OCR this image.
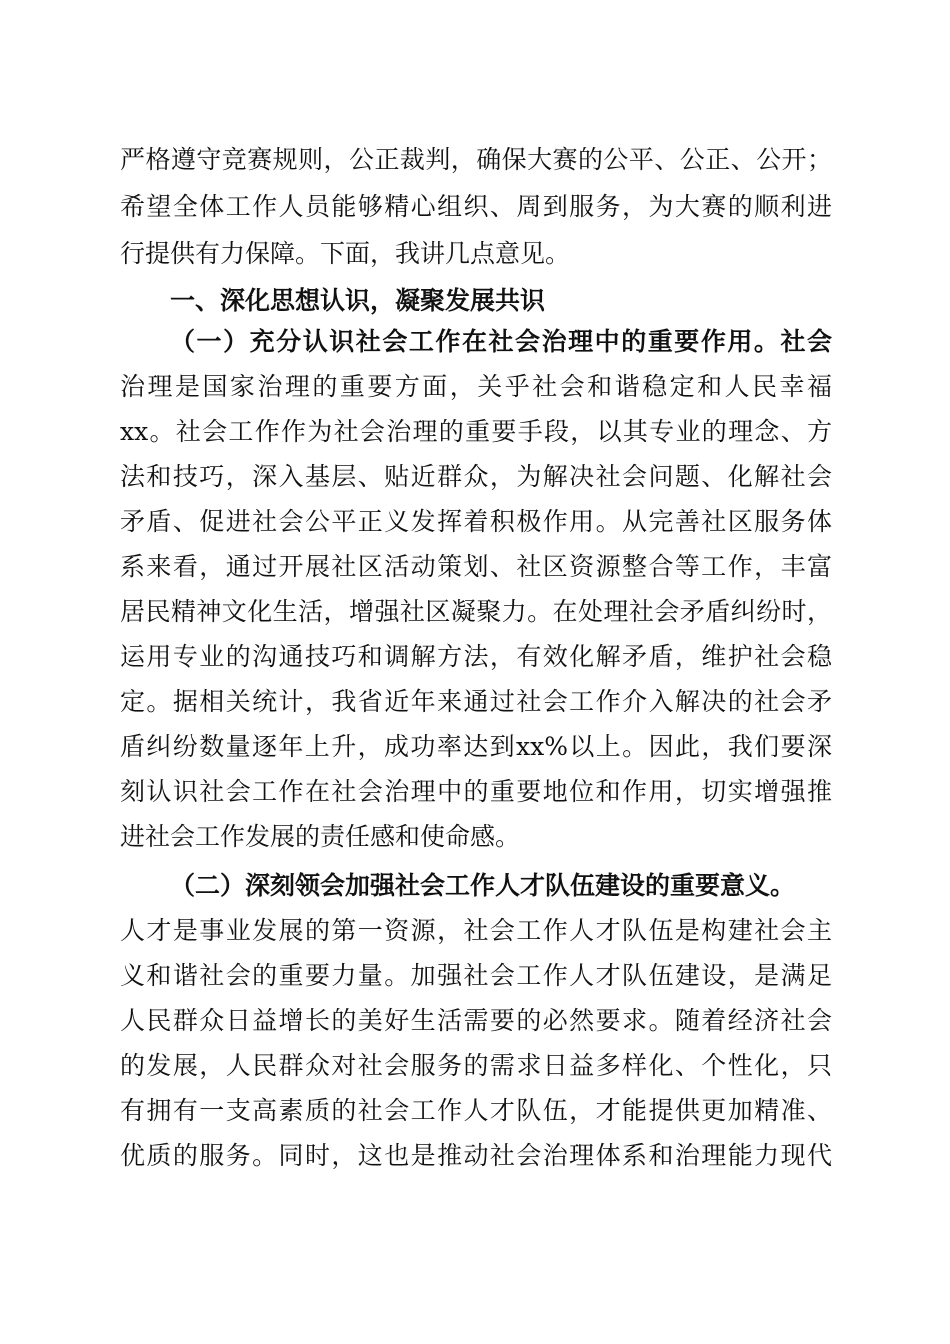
严格遵守竞赛规则，公正裁判，确保大赛的公平、公正、公开；
希望全体工作人员能够精心组织、周到服务，为大赛的顺利进
行提供有力保障。下面，我讲几点意见。
一、深化思想认识，凝聚发展共识
（一）充分认识社会工作在社会治理中的重要作用。社会
治理是国家治理的重要方面，关乎社会和谐稳定和人民幸福
xx。社会工作作为社会治理的重要手段，以其专业的理念、方
法和技巧，深入基层、贴近群众，为解决社会问题、化解社会
矛盾、促进社会公平正义发挥着积极作用。从完善社区服务体
系来看，通过开展社区活动策划、社区资源整合等工作，丰富
居民精神文化生活，增强社区凝聚力。在处理社会矛盾纠纷时，
运用专业的沟通技巧和调解方法，有效化解矛盾，维护社会稳
定。据相关统计，我省近年来通过社会工作介入解决的社会矛
盾纠纷数量逐年上升，成功率达到xx%以上。因此，我们要深
刻认识社会工作在社会治理中的重要地位和作用，切实增强推
进社会工作发展的责任感和使命感。
（二）深刻领会加强社会工作人才队伍建设的重要意义。
人才是事业发展的第一资源，社会工作人才队伍是构建社会主
义和谐社会的重要力量。加强社会工作人才队伍建设，是满足
人民群众日益增长的美好生活需要的必然要求。随着经济社会
的发展，人民群众对社会服务的需求日益多样化、个性化，只
有拥有一支高素质的社会工作人才队伍，才能提供更加精准、
优质的服务。同时，这也是推动社会治理体系和治理能力现代
